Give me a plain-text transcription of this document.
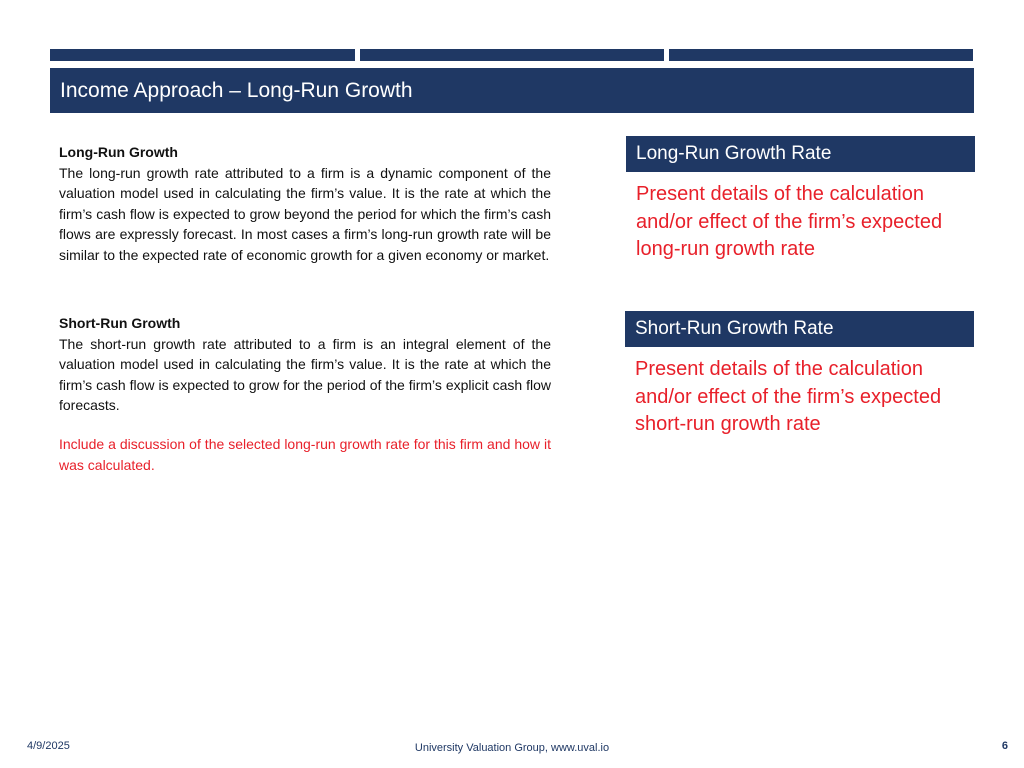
Income Approach – Long-Run Growth
Long-Run Growth
The long-run growth rate attributed to a firm is a dynamic component of the valuation model used in calculating the firm’s value. It is the rate at which the firm’s cash flow is expected to grow beyond the period for which the firm’s cash flows are expressly forecast. In most cases a firm’s long-run growth rate will be similar to the expected rate of economic growth for a given economy or market.
Short-Run Growth
The short-run growth rate attributed to a firm is an integral element of the valuation model used in calculating the firm’s value. It is the rate at which the firm’s cash flow is expected to grow for the period of the firm’s explicit cash flow forecasts.
Include a discussion of the selected long-run growth rate for this firm and how it was calculated.
Long-Run Growth Rate
Present details of the calculation and/or effect of the firm’s expected long-run growth rate
Short-Run Growth Rate
Present details of the calculation and/or effect of the firm’s expected short-run growth rate
4/9/2025	University Valuation Group, www.uval.io	6
